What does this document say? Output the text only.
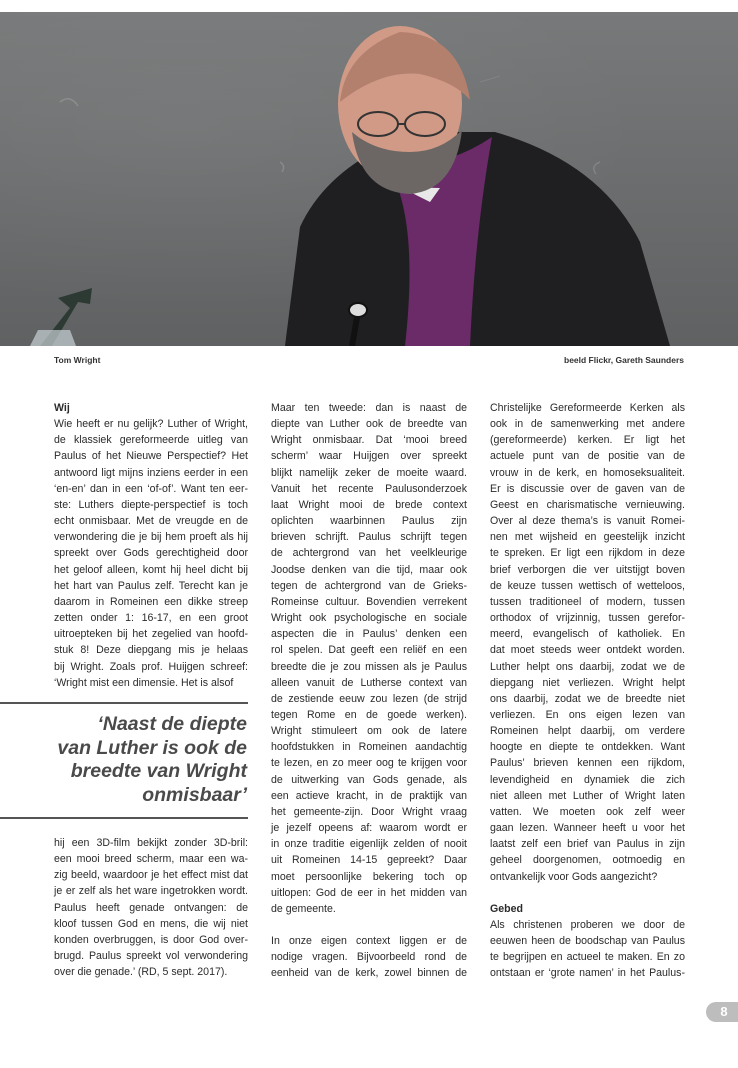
Tom Wright	beeld Flickr, Gareth Saunders
Wij
Wie heeft er nu gelijk? Luther of Wright,
de klassiek gereformeerde uitleg van
Paulus of het Nieuwe Perspectief? Het
antwoord ligt mijns inziens eerder in een
‘en-en’ dan in een ‘of-of’. Want ten eer-
ste: Luthers diepte-perspectief is toch
echt onmisbaar. Met de vreugde en de
verwondering die je bij hem proeft als hij
spreekt over Gods gerechtigheid door
het geloof alleen, komt hij heel dicht bij
het hart van Paulus zelf. Terecht kan je
daarom in Romeinen een dikke streep
zetten onder 1: 16-17, en een groot
uitroepteken bij het zegelied van hoofd-
stuk 8! Deze diepgang mis je helaas
bij Wright. Zoals prof. Huijgen schreef:
‘Wright mist een dimensie. Het is alsof
‘Naast de diepte
van Luther is ook de
breedte van Wright
onmisbaar’
hij een 3D-film bekijkt zonder 3D-bril:
een mooi breed scherm, maar een wa-
zig beeld, waardoor je het effect mist dat
je er zelf als het ware ingetrokken wordt.
Paulus heeft genade ontvangen: de
kloof tussen God en mens, die wij niet
konden overbruggen, is door God over-
brugd. Paulus spreekt vol verwondering
over die genade.’ (RD, 5 sept. 2017).
Maar ten tweede: dan is naast de
diepte van Luther ook de breedte van
Wright onmisbaar. Dat ‘mooi breed
scherm’ waar Huijgen over spreekt
blijkt namelijk zeker de moeite waard.
Vanuit het recente Paulusonderzoek
laat Wright mooi de brede context
oplichten waarbinnen Paulus zijn
brieven schrijft. Paulus schrijft tegen
de achtergrond van het veelkleurige
Joodse denken van die tijd, maar ook
tegen de achtergrond van de Grieks-
Romeinse cultuur. Bovendien verrekent
Wright ook psychologische en sociale
aspecten die in Paulus’ denken een
rol spelen. Dat geeft een reliëf en een
breedte die je zou missen als je Paulus
alleen vanuit de Lutherse context van
de zestiende eeuw zou lezen (de strijd
tegen Rome en de goede werken).
Wright stimuleert om ook de latere
hoofdstukken in Romeinen aandachtig
te lezen, en zo meer oog te krijgen voor
de uitwerking van Gods genade, als
een actieve kracht, in de praktijk van
het gemeente-zijn. Door Wright vraag
je jezelf opeens af: waarom wordt er
in onze traditie eigenlijk zelden of nooit
uit Romeinen 14-15 gepreekt? Daar
moet persoonlijke bekering toch op
uitlopen: God de eer in het midden van
de gemeente.
In onze eigen context liggen er de
nodige vragen. Bijvoorbeeld rond de
eenheid van de kerk, zowel binnen de
Christelijke Gereformeerde Kerken als
ook in de samenwerking met andere
(gereformeerde) kerken. Er ligt het
actuele punt van de positie van de
vrouw in de kerk, en homoseksualiteit.
Er is discussie over de gaven van de
Geest en charismatische vernieuwing.
Over al deze thema’s is vanuit Romei-
nen met wijsheid en geestelijk inzicht
te spreken. Er ligt een rijkdom in deze
brief verborgen die ver uitstijgt boven
de keuze tussen wettisch of wetteloos,
tussen traditioneel of modern, tussen
orthodox of vrijzinnig, tussen gerefor-
meerd, evangelisch of katholiek. En
dat moet steeds weer ontdekt worden.
Luther helpt ons daarbij, zodat we de
diepgang niet verliezen. Wright helpt
ons daarbij, zodat we de breedte niet
verliezen. En ons eigen lezen van
Romeinen helpt daarbij, om verdere
hoogte en diepte te ontdekken. Want
Paulus’ brieven kennen een rijkdom,
levendigheid en dynamiek die zich
niet alleen met Luther of Wright laten
vatten. We moeten ook zelf weer
gaan lezen. Wanneer heeft u voor het
laatst zelf een brief van Paulus in zijn
geheel doorgenomen, ootmoedig en
ontvankelijk voor Gods aangezicht?
Gebed
Als christenen proberen we door de
eeuwen heen de boodschap van Paulus
te begrijpen en actueel te maken. En zo
ontstaan er ‘grote namen’ in het Paulus-
8
